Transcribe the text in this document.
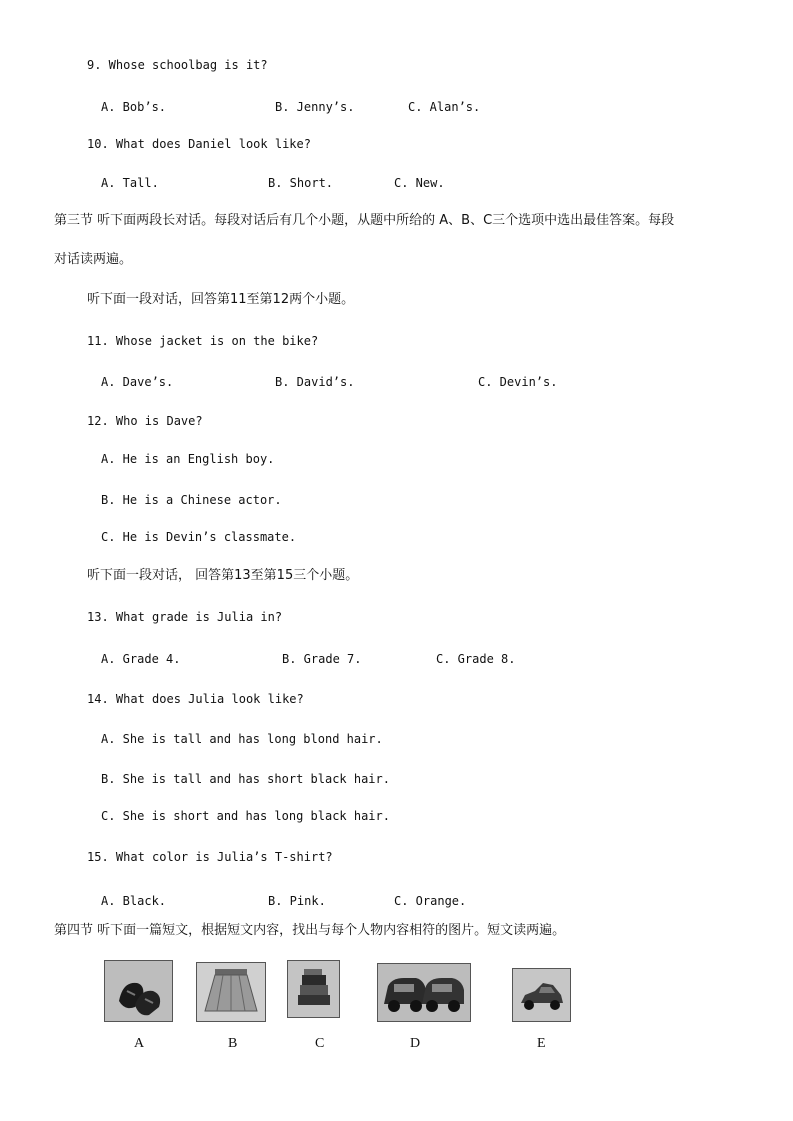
9. Whose schoolbag is it?
A. Bob’s.	B. Jenny’s.	C. Alan’s.
10. What does Daniel look like?
A. Tall.	B. Short.	C. New.
第三节 听下面两段长对话。每段对话后有几个小题，从题中所给的 A、B、C三个选项中选出最佳答案。每段
对话读两遍。
听下面一段对话，回答第11至第12两个小题。
11. Whose jacket is on the bike?
A. Dave’s.	B. David’s.	C. Devin’s.
12. Who is Dave?
A. He is an English boy.
B. He is a Chinese actor.
C. He is Devin’s classmate.
听下面一段对话， 回答第13至第15三个小题。
13. What grade is Julia in?
A. Grade 4.	B. Grade 7.	C. Grade 8.
14. What does Julia look like?
A. She is tall and has long blond hair.
B. She is tall and has short black hair.
C. She is short and has long black hair.
15. What color is Julia’s T-shirt?
A. Black.	B. Pink.	C. Orange.
第四节 听下面一篇短文，根据短文内容，找出与每个人物内容相符的图片。短文读两遍。
A	B	C	D	E
